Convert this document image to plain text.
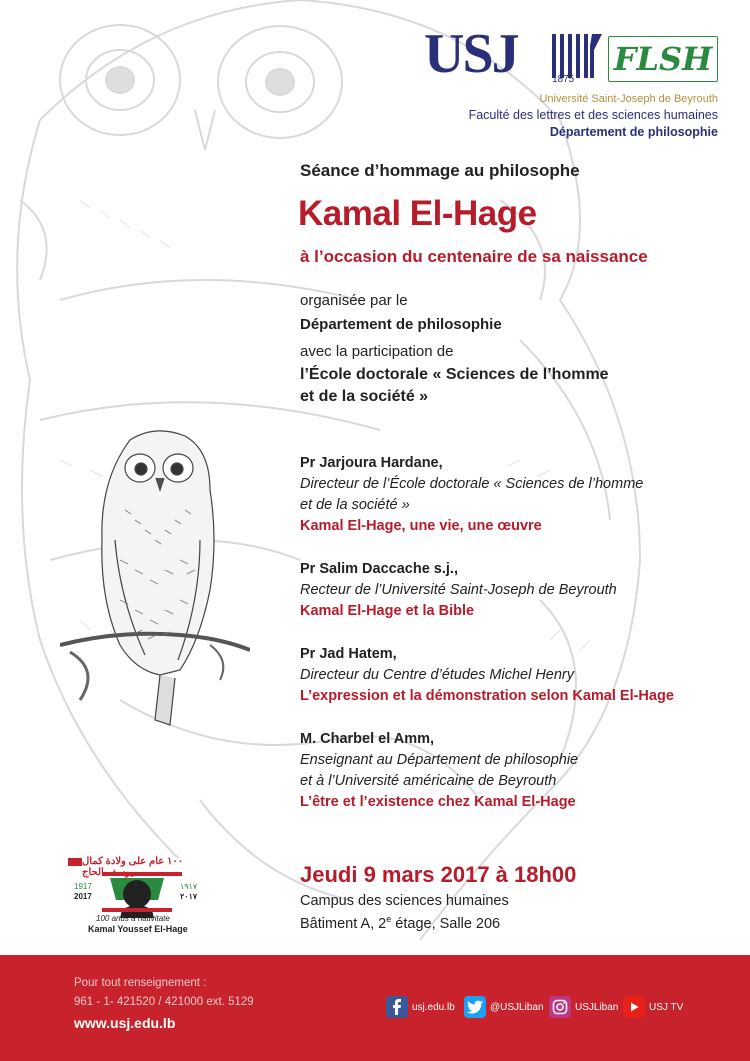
USJ	1875
FLSH
Université Saint-Joseph de Beyrouth
Faculté des lettres et des sciences humaines
Département de philosophie
Séance d’hommage au philosophe
Kamal El-Hage
à l’occasion du centenaire de sa naissance
organisée par le
Département de philosophie
avec la participation de
l’École doctorale « Sciences de l’homme
et de la société »
Pr Jarjoura Hardane,
Directeur de l’École doctorale « Sciences de l’homme
et de la société »
Kamal El-Hage, une vie, une œuvre
Pr Salim Daccache s.j.,
Recteur de l’Université Saint-Joseph de Beyrouth
Kamal El-Hage et la Bible
Pr Jad Hatem,
Directeur du Centre d’études Michel Henry
L’expression et la démonstration selon Kamal El-Hage
M. Charbel el Amm,
Enseignant au Département de philosophie
et à l’Université américaine de Beyrouth
L’être et l’existence chez Kamal El-Hage
Jeudi 9 mars 2017 à 18h00
Campus des sciences humaines
Bâtiment A, 2e étage, Salle 206
١٠٠ عام على ولادة كمال يوسف الحاج
1917
2017
١٩١٧
٢٠١٧
100 anus a nativitate
Kamal Youssef El-Hage
Pour tout renseignement :
961 - 1- 421520 / 421000 ext. 5129
www.usj.edu.lb
usj.edu.lb	@USJLiban	USJLiban	USJ TV
